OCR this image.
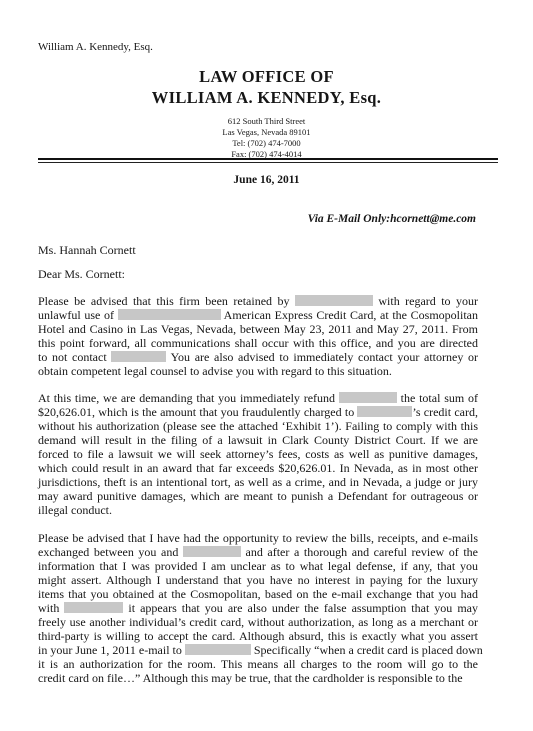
William A. Kennedy, Esq.
LAW OFFICE OF
WILLIAM A. KENNEDY, Esq.
612 South Third Street
Las Vegas, Nevada 89101
Tel: (702) 474-7000
Fax: (702) 474-4014
June 16, 2011
Via E-Mail Only:hcornett@me.com
Ms. Hannah Cornett
Dear Ms. Cornett:
Please be advised that this firm been retained by	with regard to your
unlawful use of	American Express Credit Card, at the Cosmopolitan
Hotel and Casino in Las Vegas, Nevada, between May 23, 2011 and May 27, 2011. From
this point forward, all communications shall occur with this office, and you are directed
to not contact	You are also advised to immediately contact your attorney or
obtain competent legal counsel to advise you with regard to this situation.
At this time, we are demanding that you immediately refund	the total sum of
$20,626.01, which is the amount that you fraudulently charged to	’s credit card,
without his authorization (please see the attached ‘Exhibit 1’). Failing to comply with this
demand will result in the filing of a lawsuit in Clark County District Court. If we are
forced to file a lawsuit we will seek attorney’s fees, costs as well as punitive damages,
which could result in an award that far exceeds $20,626.01. In Nevada, as in most other
jurisdictions, theft is an intentional tort, as well as a crime, and in Nevada, a judge or jury
may award punitive damages, which are meant to punish a Defendant for outrageous or
illegal conduct.
Please be advised that I have had the opportunity to review the bills, receipts, and e-mails
exchanged between you and	and after a thorough and careful review of the
information that I was provided I am unclear as to what legal defense, if any, that you
might assert. Although I understand that you have no interest in paying for the luxury
items that you obtained at the Cosmopolitan, based on the e-mail exchange that you had
with	it appears that you are also under the false assumption that you may
freely use another individual’s credit card, without authorization, as long as a merchant or
third-party is willing to accept the card. Although absurd, this is exactly what you assert
in your June 1, 2011 e-mail to	Specifically “when a credit card is placed down
it is an authorization for the room. This means all charges to the room will go to the
credit card on file…” Although this may be true, that the cardholder is responsible to the
